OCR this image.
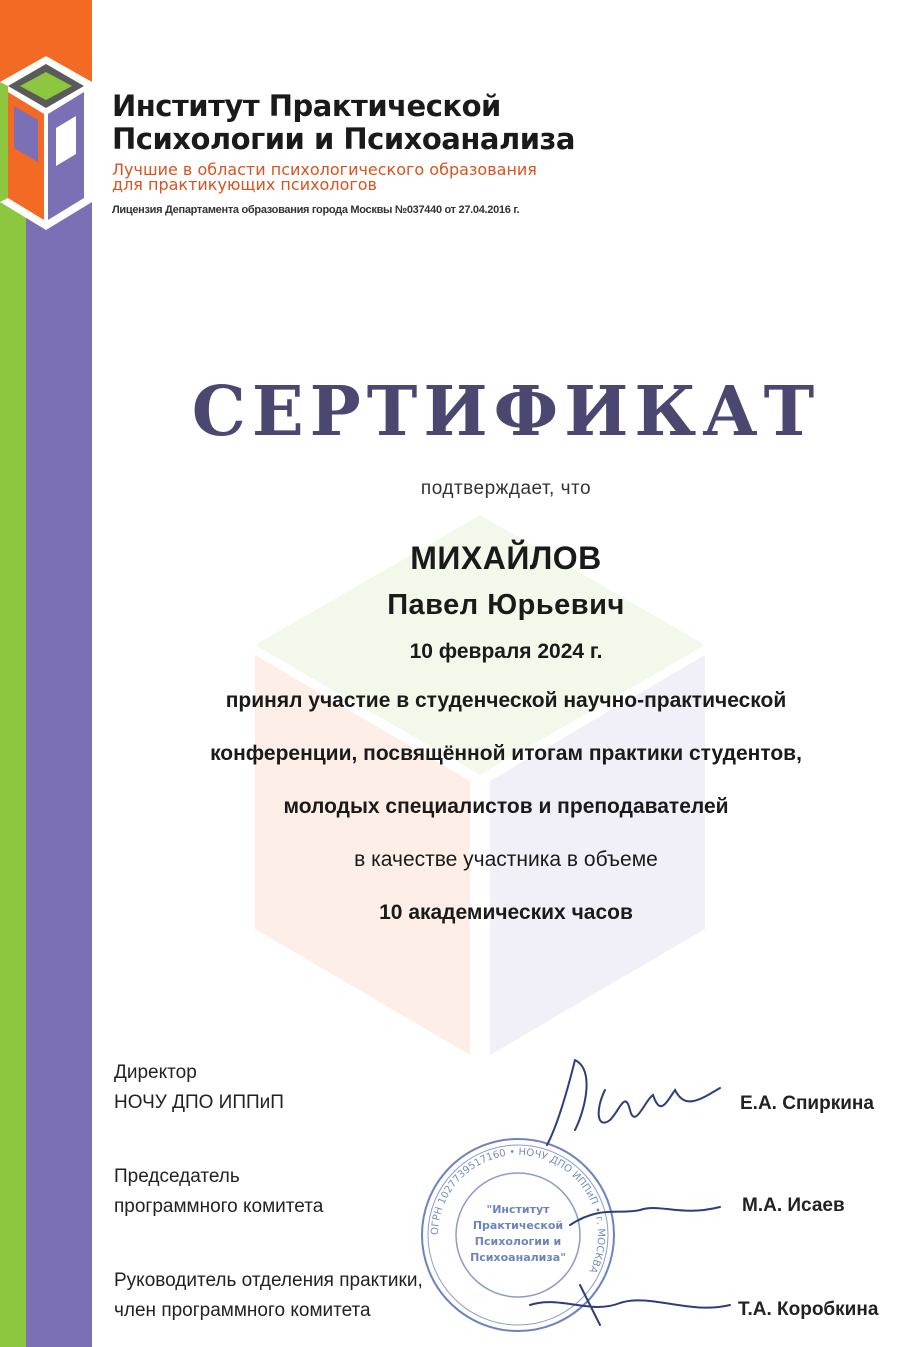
Институт Практической
Психологии и Психоанализа
Лучшие в области психологического образования
для практикующих психологов
Лицензия Департамента образования города Москвы №037440 от 27.04.2016 г.
СЕРТИФИКАТ
подтверждает, что
МИХАЙЛОВ
Павел Юрьевич
10 февраля 2024 г.
принял участие в студенческой научно-практической
конференции, посвящённой итогам практики студентов,
молодых специалистов и преподавателей
в качестве участника в объеме
10 академических часов
ОГРН 1027739517160 • НОЧУ ДПО ИППиП • г. МОСКВА
"Институт
Практической
Психологии и
Психоанализа"
Директор
НОЧУ ДПО ИППиП	Е.А. Спиркина
Председатель
программного комитета	М.А. Исаев
Руководитель отделения практики,
член программного комитета	Т.А. Коробкина
